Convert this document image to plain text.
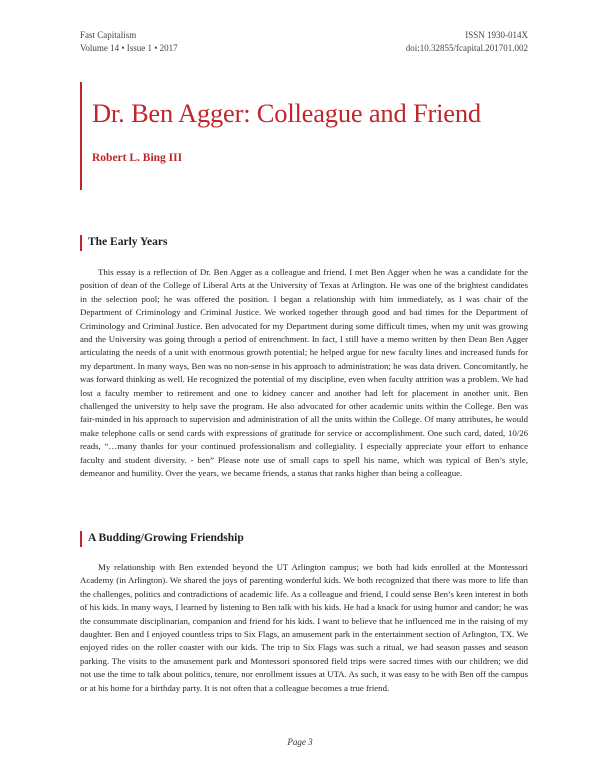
Fast Capitalism
Volume 14 • Issue 1 • 2017
ISSN 1930-014X
doi:10.32855/fcapital.201701.002
Dr. Ben Agger: Colleague and Friend
Robert L. Bing III
The Early Years

This essay is a reflection of Dr. Ben Agger as a colleague and friend. I met Ben Agger when he was a candidate for the position of dean of the College of Liberal Arts at the University of Texas at Arlington. He was one of the brightest candidates in the selection pool; he was offered the position. I began a relationship with him immediately, as I was chair of the Department of Criminology and Criminal Justice. We worked together through good and bad times for the Department of Criminology and Criminal Justice. Ben advocated for my Department during some difficult times, when my unit was growing and the University was going through a period of entrenchment. In fact, I still have a memo written by then Dean Ben Agger articulating the needs of a unit with enormous growth potential; he helped argue for new faculty lines and increased funds for my department. In many ways, Ben was no non-sense in his approach to administration; he was data driven. Concomitantly, he was forward thinking as well. He recognized the potential of my discipline, even when faculty attrition was a problem. We had lost a faculty member to retirement and one to kidney cancer and another had left for placement in another unit. Ben challenged the university to help save the program. He also advocated for other academic units within the College. Ben was fair-minded in his approach to supervision and administration of all the units within the College. Of many attributes, he would make telephone calls or send cards with expressions of gratitude for service or accomplishment. One such card, dated, 10/26 reads, “…many thanks for your continued professionalism and collegiality. I especially appreciate your effort to enhance faculty and student diversity. - ben” Please note use of small caps to spell his name, which was typical of Ben’s style, demeanor and humility. Over the years, we became friends, a status that ranks higher than being a colleague.

A Budding/Growing Friendship

My relationship with Ben extended beyond the UT Arlington campus; we both had kids enrolled at the Montessori Academy (in Arlington). We shared the joys of parenting wonderful kids. We both recognized that there was more to life than the challenges, politics and contradictions of academic life. As a colleague and friend, I could sense Ben’s keen interest in both of his kids. In many ways, I learned by listening to Ben talk with his kids. He had a knack for using humor and candor; he was the consummate disciplinarian, companion and friend for his kids. I want to believe that he influenced me in the raising of my daughter. Ben and I enjoyed countless trips to Six Flags, an amusement park in the entertainment section of Arlington, TX. We enjoyed rides on the roller coaster with our kids. The trip to Six Flags was such a ritual, we had season passes and season parking. The visits to the amusement park and Montessori sponsored field trips were sacred times with our children; we did not use the time to talk about politics, tenure, nor enrollment issues at UTA. As such, it was easy to be with Ben off the campus or at his home for a birthday party. It is not often that a colleague becomes a true friend.

Page 3
